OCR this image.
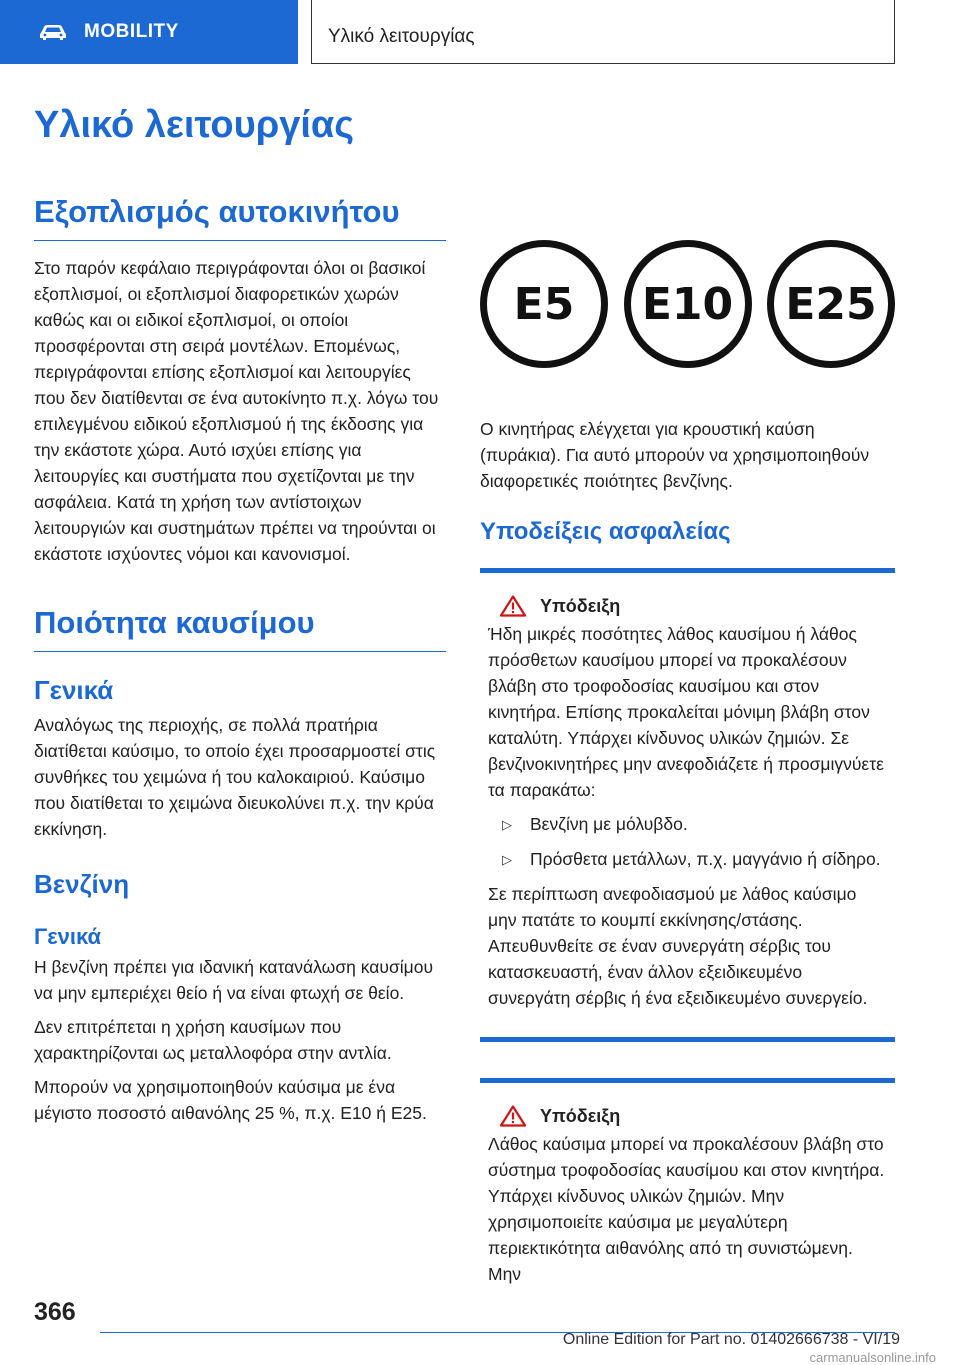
MOBILITY	Υλικό λειτουργίας
Υλικό λειτουργίας
Εξοπλισμός αυτοκινήτου

Στο παρόν κεφάλαιο περιγράφονται όλοι οι βασικοί εξοπλισμοί, οι εξοπλισμοί διαφορετικών χωρών καθώς και οι ειδικοί εξοπλισμοί, οι οποίοι προσφέρονται στη σειρά μοντέλων. Επομένως, περιγράφονται επίσης εξοπλισμοί και λειτουργίες που δεν διατίθενται σε ένα αυτοκίνητο π.χ. λόγω του επιλεγμένου ειδικού εξοπλισμού ή της έκδοσης για την εκάστοτε χώρα. Αυτό ισχύει επίσης για λειτουργίες και συστήματα που σχετίζονται με την ασφάλεια. Κατά τη χρήση των αντίστοιχων λειτουργιών και συστημάτων πρέπει να τηρούνται οι εκάστοτε ισχύοντες νόμοι και κανονισμοί.

Ποιότητα καυσίμου
Γενικά

Αναλόγως της περιοχής, σε πολλά πρατήρια διατίθεται καύσιμο, το οποίο έχει προσαρμοστεί στις συνθήκες του χειμώνα ή του καλοκαιριού. Καύσιμο που διατίθεται το χειμώνα διευκολύνει π.χ. την κρύα εκκίνηση.

Βενζίνη
Γενικά

Η βενζίνη πρέπει για ιδανική κατανάλωση καυσίμου να μην εμπεριέχει θείο ή να είναι φτωχή σε θείο.

Δεν επιτρέπεται η χρήση καυσίμων που χαρακτηρίζονται ως μεταλλοφόρα στην αντλία.

Μπορούν να χρησιμοποιηθούν καύσιμα με ένα μέγιστο ποσοστό αιθανόλης 25 %, π.χ. E10 ή E25.

E5	E10	E25

Ο κινητήρας ελέγχεται για κρουστική καύση (πυράκια). Για αυτό μπορούν να χρησιμοποιηθούν διαφορετικές ποιότητες βενζίνης.

Υποδείξεις ασφαλείας
Υπόδειξη

Ήδη μικρές ποσότητες λάθος καυσίμου ή λάθος πρόσθετων καυσίμου μπορεί να προκαλέσουν βλάβη στο τροφοδοσίας καυσίμου και στον κινητήρα. Επίσης προκαλείται μόνιμη βλάβη στον καταλύτη. Υπάρχει κίνδυνος υλικών ζημιών. Σε βενζινοκινητήρες μην ανεφοδιάζετε ή προσμιγνύετε τα παρακάτω:

▷	Βενζίνη με μόλυβδο.
▷	Πρόσθετα μετάλλων, π.χ. μαγγάνιο ή σίδηρο.

Σε περίπτωση ανεφοδιασμού με λάθος καύσιμο μην πατάτε το κουμπί εκκίνησης/στάσης. Απευθυνθείτε σε έναν συνεργάτη σέρβις του κατασκευαστή, έναν άλλον εξειδικευμένο συνεργάτη σέρβις ή ένα εξειδικευμένο συνεργείο.

Υπόδειξη

Λάθος καύσιμα μπορεί να προκαλέσουν βλάβη στο σύστημα τροφοδοσίας καυσίμου και στον κινητήρα. Υπάρχει κίνδυνος υλικών ζημιών. Μην χρησιμοποιείτε καύσιμα με μεγαλύτερη περιεκτικότητα αιθανόλης από τη συνιστώμενη. Μην

366
Online Edition for Part no. 01402666738 - VI/19
carmanualsonline.info
